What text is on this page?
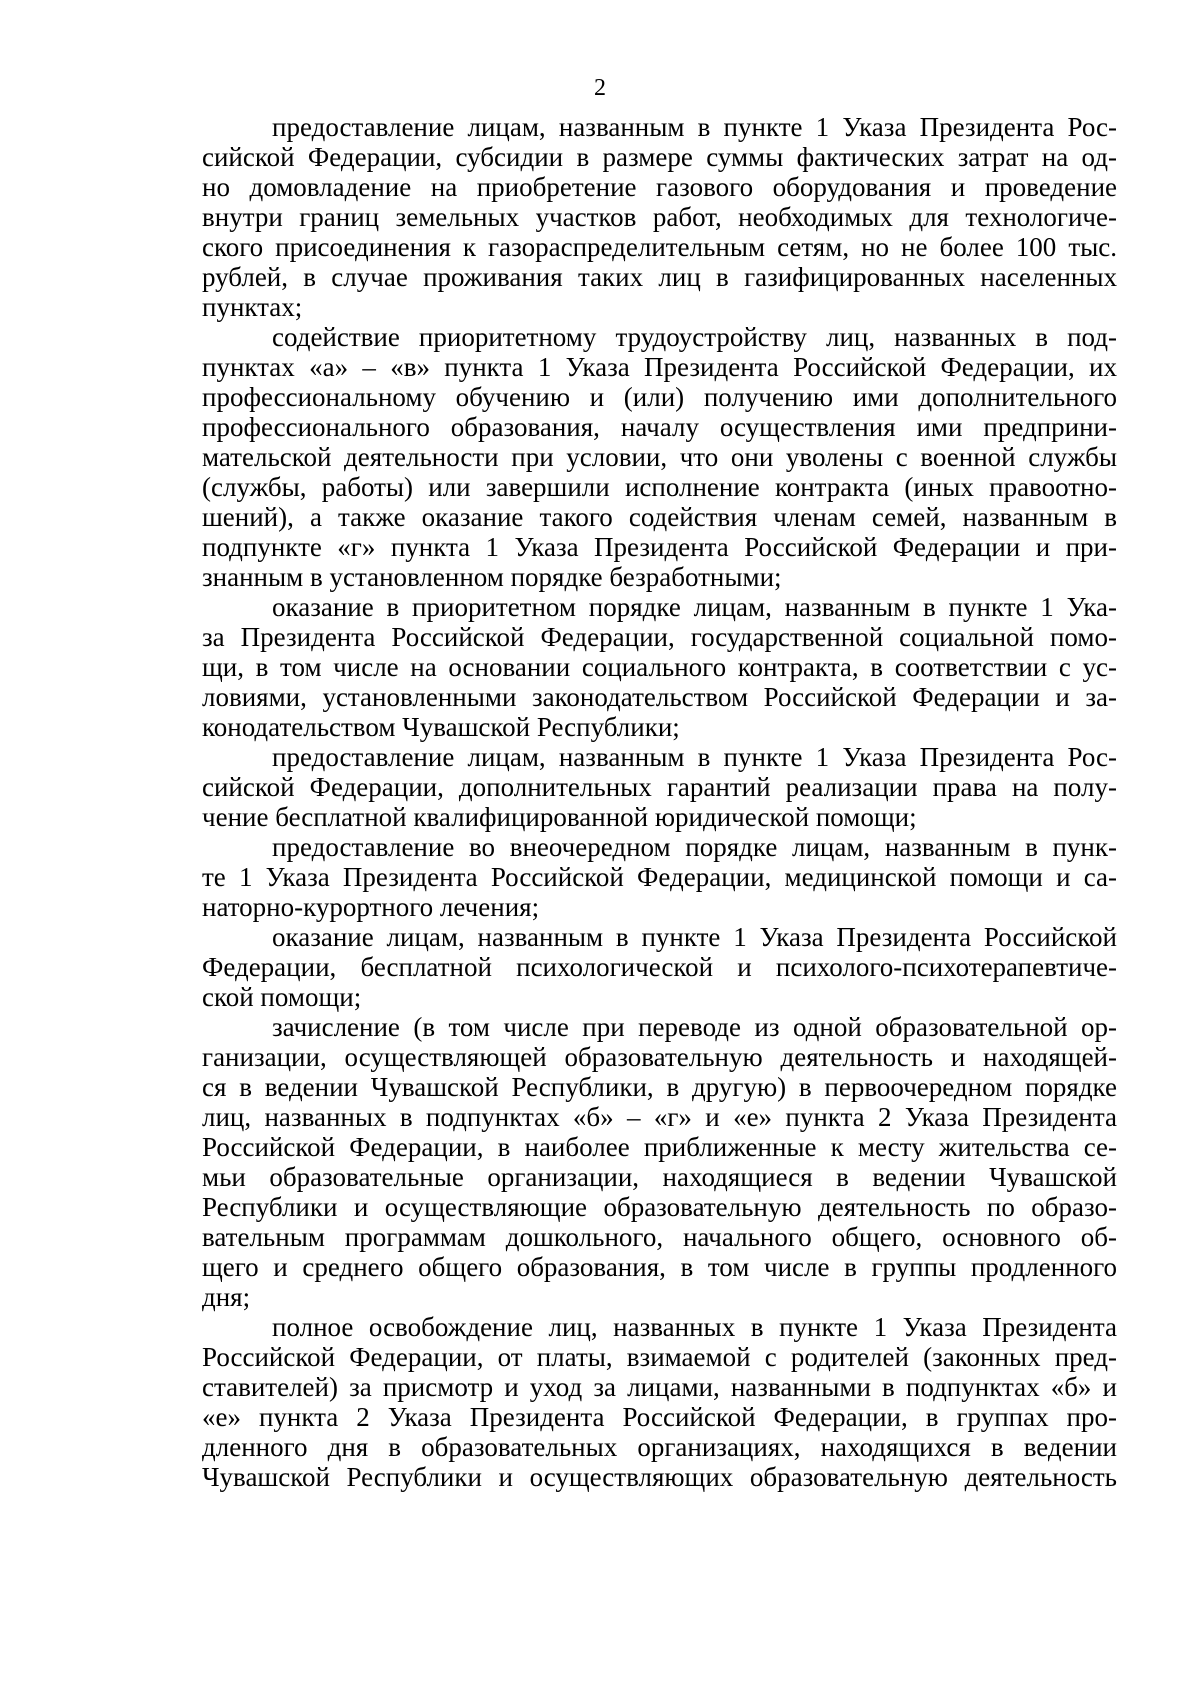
2
предоставление лицам, названным в пункте 1 Указа Президента Рос-
сийской Федерации, субсидии в размере суммы фактических затрат на од-
но домовладение на приобретение газового оборудования и проведение
внутри границ земельных участков работ, необходимых для технологиче-
ского присоединения к газораспределительным сетям, но не более 100 тыс.
рублей, в случае проживания таких лиц в газифицированных населенных
пунктах;
содействие приоритетному трудоустройству лиц, названных в под-
пунктах «а» – «в» пункта 1 Указа Президента Российской Федерации, их
профессиональному обучению и (или) получению ими дополнительного
профессионального образования, началу осуществления ими предприни-
мательской деятельности при условии, что они уволены с военной службы
(службы, работы) или завершили исполнение контракта (иных правоотно-
шений), а также оказание такого содействия членам семей, названным в
подпункте «г» пункта 1 Указа Президента Российской Федерации и при-
знанным в установленном порядке безработными;
оказание в приоритетном порядке лицам, названным в пункте 1 Ука-
за Президента Российской Федерации, государственной социальной помо-
щи, в том числе на основании социального контракта, в соответствии с ус-
ловиями, установленными законодательством Российской Федерации и за-
конодательством Чувашской Республики;
предоставление лицам, названным в пункте 1 Указа Президента Рос-
сийской Федерации, дополнительных гарантий реализации права на полу-
чение бесплатной квалифицированной юридической помощи;
предоставление во внеочередном порядке лицам, названным в пунк-
те 1 Указа Президента Российской Федерации, медицинской помощи и са-
наторно-курортного лечения;
оказание лицам, названным в пункте 1 Указа Президента Российской
Федерации, бесплатной психологической и психолого-психотерапевтиче-
ской помощи;
зачисление (в том числе при переводе из одной образовательной ор-
ганизации, осуществляющей образовательную деятельность и находящей-
ся в ведении Чувашской Республики, в другую) в первоочередном порядке
лиц, названных в подпунктах «б» – «г» и «е» пункта 2 Указа Президента
Российской Федерации, в наиболее приближенные к месту жительства се-
мьи образовательные организации, находящиеся в ведении Чувашской
Республики и осуществляющие образовательную деятельность по образо-
вательным программам дошкольного, начального общего, основного об-
щего и среднего общего образования, в том числе в группы продленного
дня;
полное освобождение лиц, названных в пункте 1 Указа Президента
Российской Федерации, от платы, взимаемой с родителей (законных пред-
ставителей) за присмотр и уход за лицами, названными в подпунктах «б» и
«е» пункта 2 Указа Президента Российской Федерации, в группах про-
дленного дня в образовательных организациях, находящихся в ведении
Чувашской Республики и осуществляющих образовательную деятельность
